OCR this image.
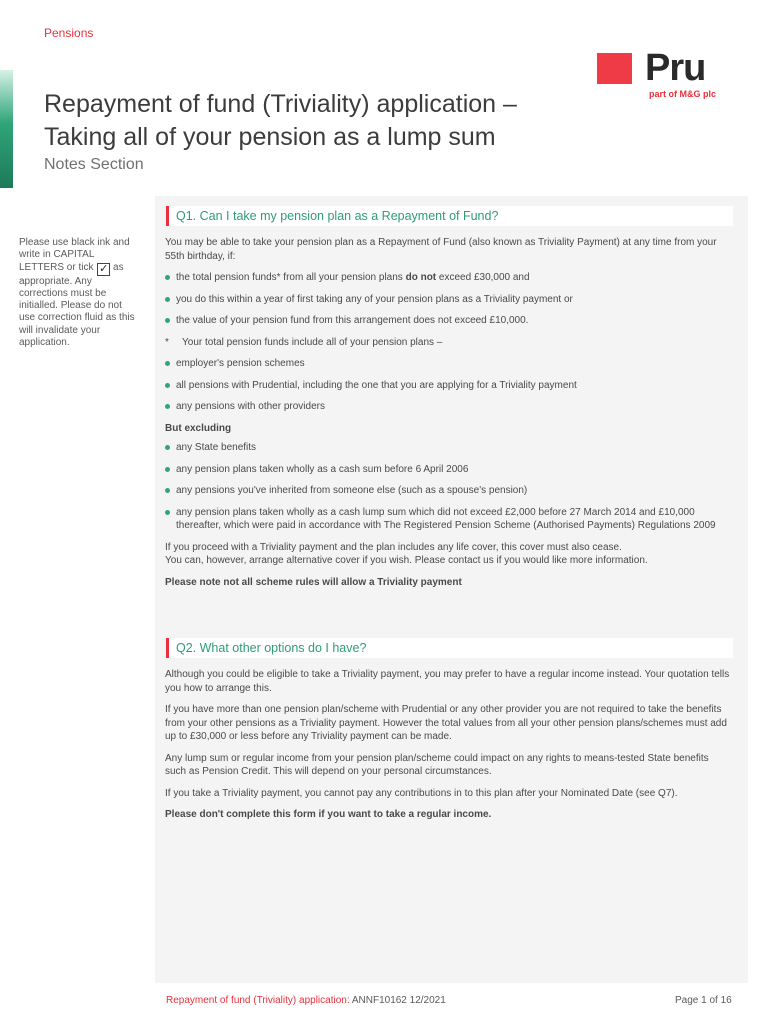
Pensions
Pru
part of M&G plc
Repayment of fund (Triviality) application – Taking all of your pension as a lump sum
Notes Section
Please use black ink and write in CAPITAL LETTERS or tick ✓ as appropriate. Any corrections must be initialled. Please do not use correction fluid as this will invalidate your application.
Q1. Can I take my pension plan as a Repayment of Fund?

You may be able to take your pension plan as a Repayment of Fund (also known as Triviality Payment) at any time from your 55th birthday, if:

the total pension funds* from all your pension plans do not exceed £30,000 and
you do this within a year of first taking any of your pension plans as a Triviality payment or
the value of your pension fund from this arrangement does not exceed £10,000.

* Your total pension funds include all of your pension plans –

employer's pension schemes
all pensions with Prudential, including the one that you are applying for a Triviality payment
any pensions with other providers

But excluding

any State benefits
any pension plans taken wholly as a cash sum before 6 April 2006
any pensions you've inherited from someone else (such as a spouse's pension)
any pension plans taken wholly as a cash lump sum which did not exceed £2,000 before 27 March 2014 and £10,000 thereafter, which were paid in accordance with The Registered Pension Scheme (Authorised Payments) Regulations 2009

If you proceed with a Triviality payment and the plan includes any life cover, this cover must also cease.

You can, however, arrange alternative cover if you wish. Please contact us if you would like more information.

Please note not all scheme rules will allow a Triviality payment

Q2. What other options do I have?

Although you could be eligible to take a Triviality payment, you may prefer to have a regular income instead. Your quotation tells you how to arrange this.

If you have more than one pension plan/scheme with Prudential or any other provider you are not required to take the benefits from your other pensions as a Triviality payment. However the total values from all your other pension plans/schemes must add up to £30,000 or less before any Triviality payment can be made.

Any lump sum or regular income from your pension plan/scheme could impact on any rights to means-tested State benefits such as Pension Credit. This will depend on your personal circumstances.

If you take a Triviality payment, you cannot pay any contributions in to this plan after your Nominated Date (see Q7).

Please don't complete this form if you want to take a regular income.

Repayment of fund (Triviality) application: ANNF10162 12/2021	Page 1 of 16
